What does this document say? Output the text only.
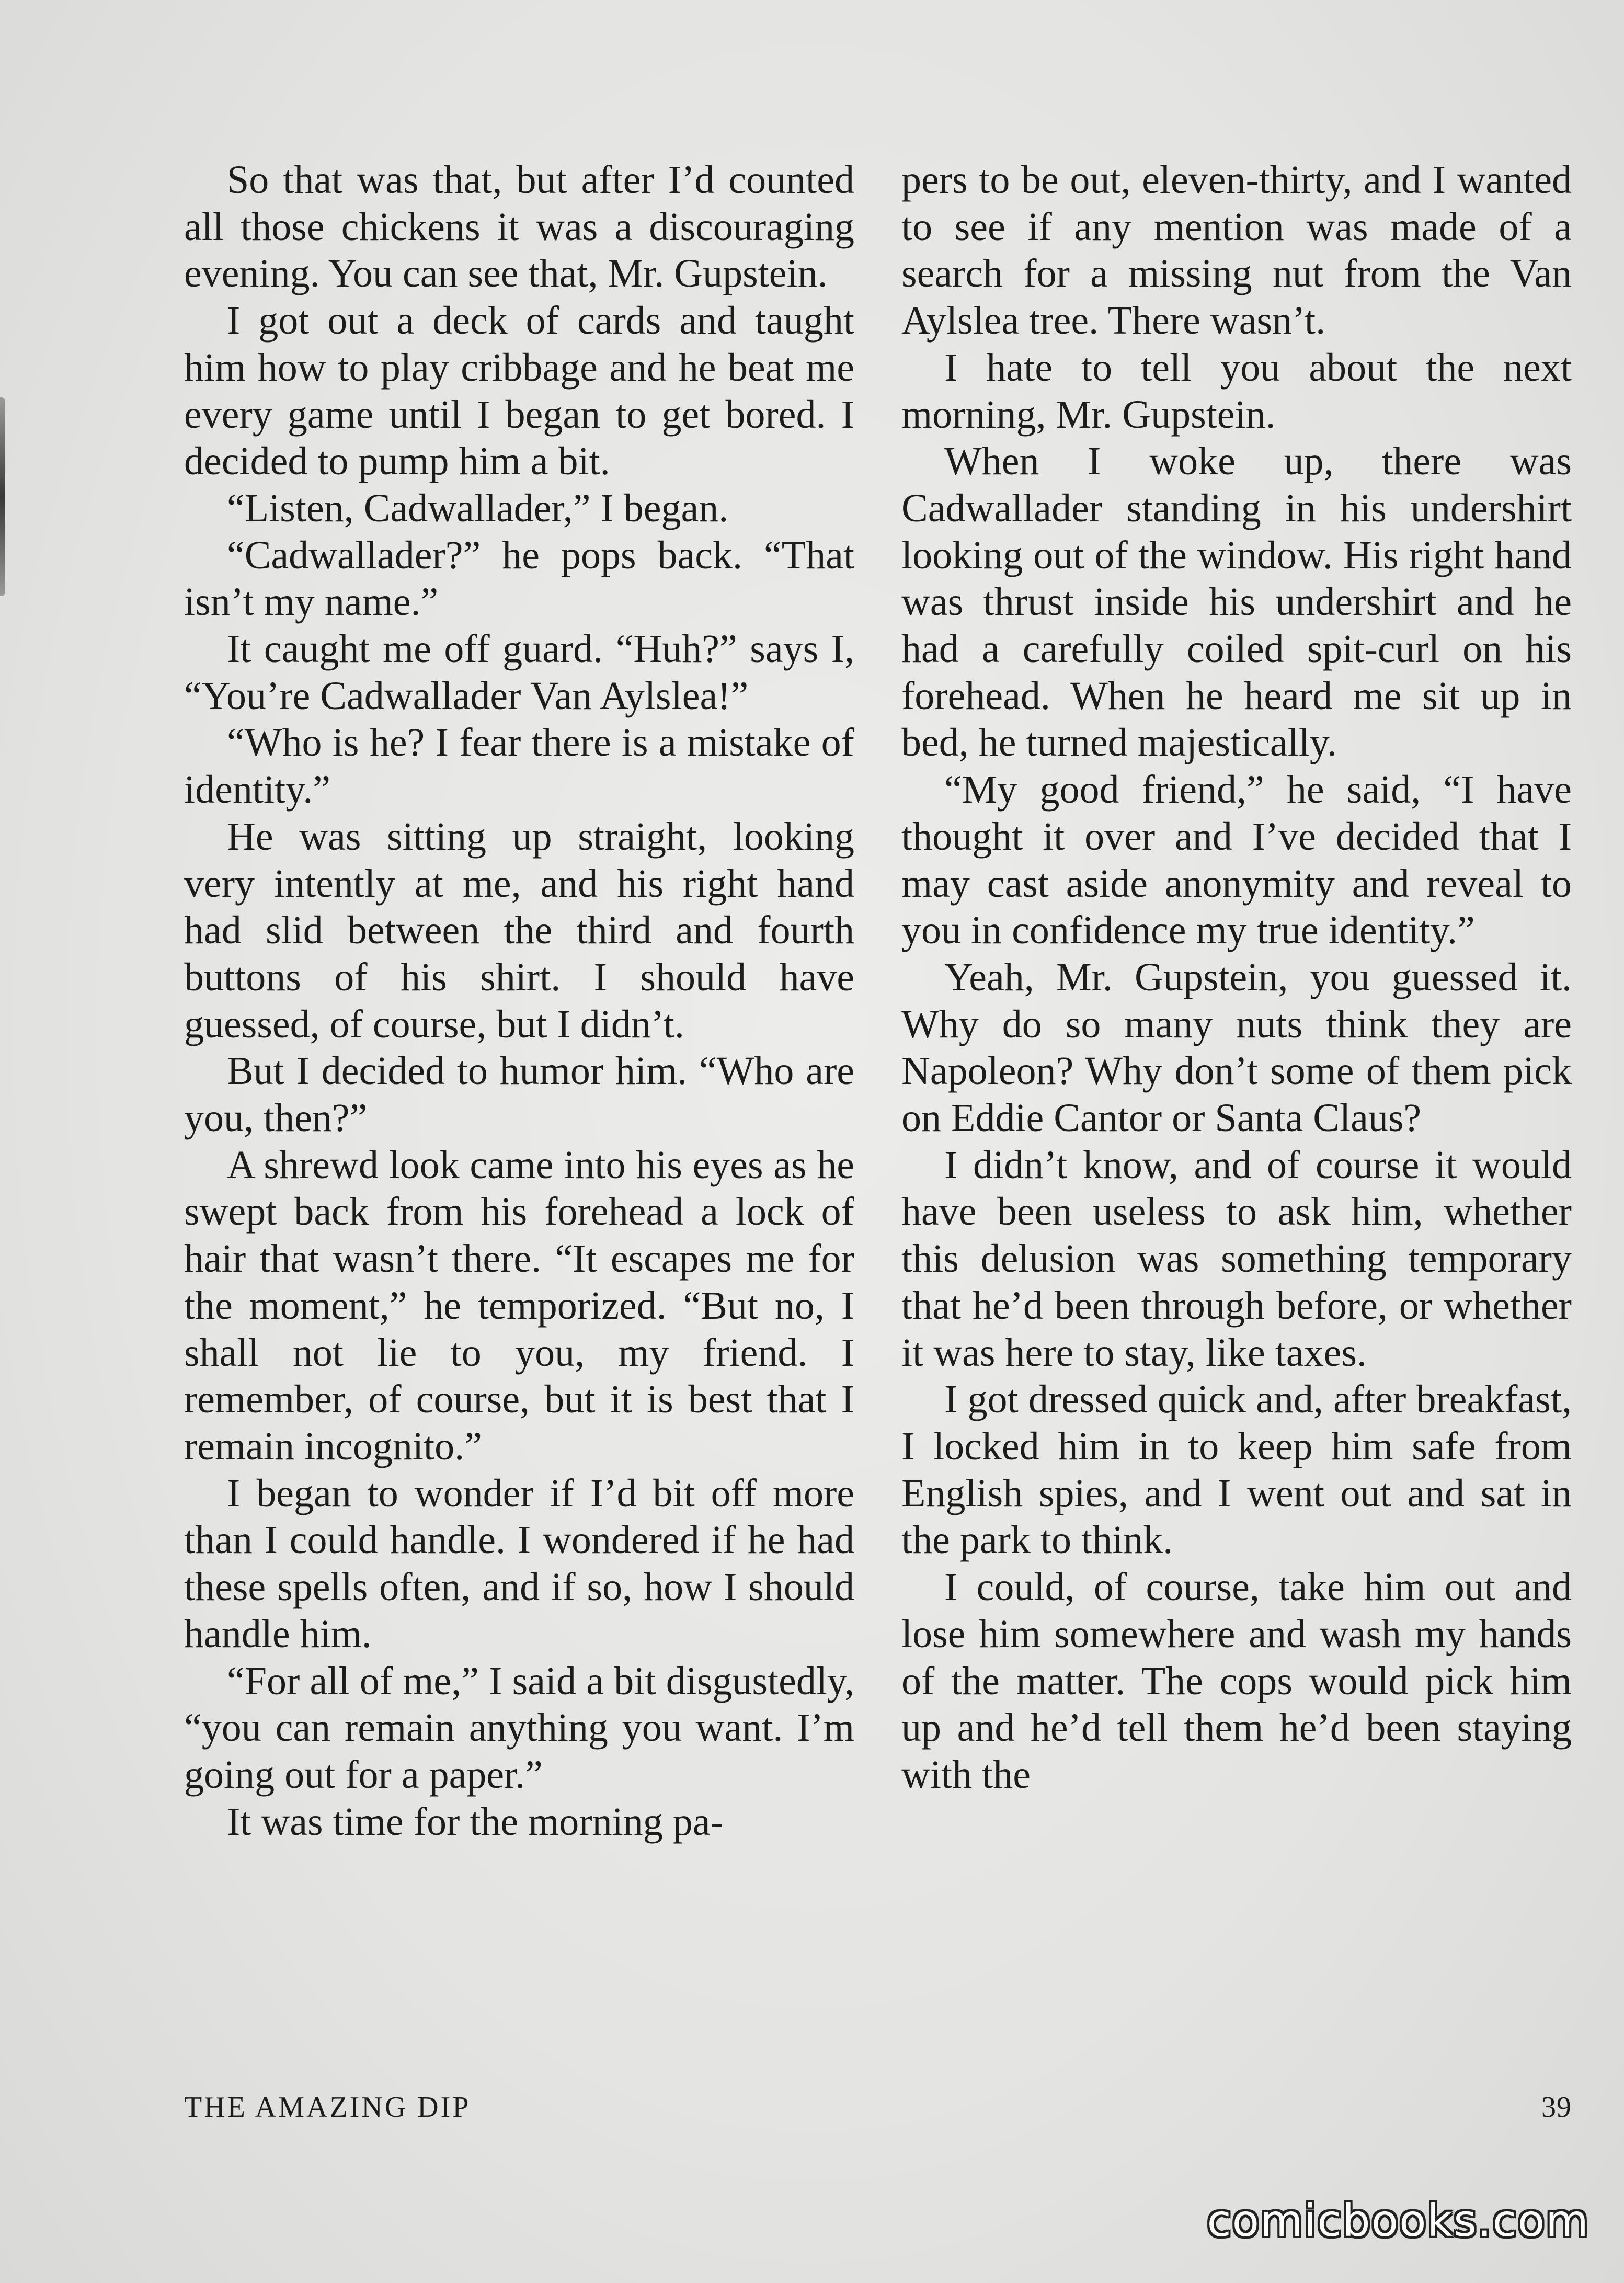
So that was that, but after I’d counted all those chickens it was a discouraging evening. You can see that, Mr. Gupstein.

I got out a deck of cards and taught him how to play cribbage and he beat me every game until I began to get bored. I decided to pump him a bit.

“Listen, Cadwallader,” I began.

“Cadwallader?” he pops back. “That isn’t my name.”

It caught me off guard. “Huh?” says I, “You’re Cadwallader Van Aylslea!”

“Who is he? I fear there is a mistake of identity.”

He was sitting up straight, looking very intently at me, and his right hand had slid between the third and fourth buttons of his shirt. I should have guessed, of course, but I didn’t.

But I decided to humor him. “Who are you, then?”

A shrewd look came into his eyes as he swept back from his forehead a lock of hair that wasn’t there. “It escapes me for the moment,” he temporized. “But no, I shall not lie to you, my friend. I remember, of course, but it is best that I remain incognito.”

I began to wonder if I’d bit off more than I could handle. I wondered if he had these spells often, and if so, how I should handle him.

“For all of me,” I said a bit disgustedly, “you can remain anything you want. I’m going out for a paper.”

It was time for the morning pa-

pers to be out, eleven-thirty, and I wanted to see if any mention was made of a search for a missing nut from the Van Aylslea tree. There wasn’t.

I hate to tell you about the next morning, Mr. Gupstein.

When I woke up, there was Cadwallader standing in his undershirt looking out of the window. His right hand was thrust inside his undershirt and he had a carefully coiled spit-curl on his forehead. When he heard me sit up in bed, he turned majestically.

“My good friend,” he said, “I have thought it over and I’ve decided that I may cast aside anonymity and reveal to you in confidence my true identity.”

Yeah, Mr. Gupstein, you guessed it. Why do so many nuts think they are Napoleon? Why don’t some of them pick on Eddie Cantor or Santa Claus?

I didn’t know, and of course it would have been useless to ask him, whether this delusion was something temporary that he’d been through before, or whether it was here to stay, like taxes.

I got dressed quick and, after breakfast, I locked him in to keep him safe from English spies, and I went out and sat in the park to think.

I could, of course, take him out and lose him somewhere and wash my hands of the matter. The cops would pick him up and he’d tell them he’d been staying with the

THE AMAZING DIP	39
comicbooks.com
